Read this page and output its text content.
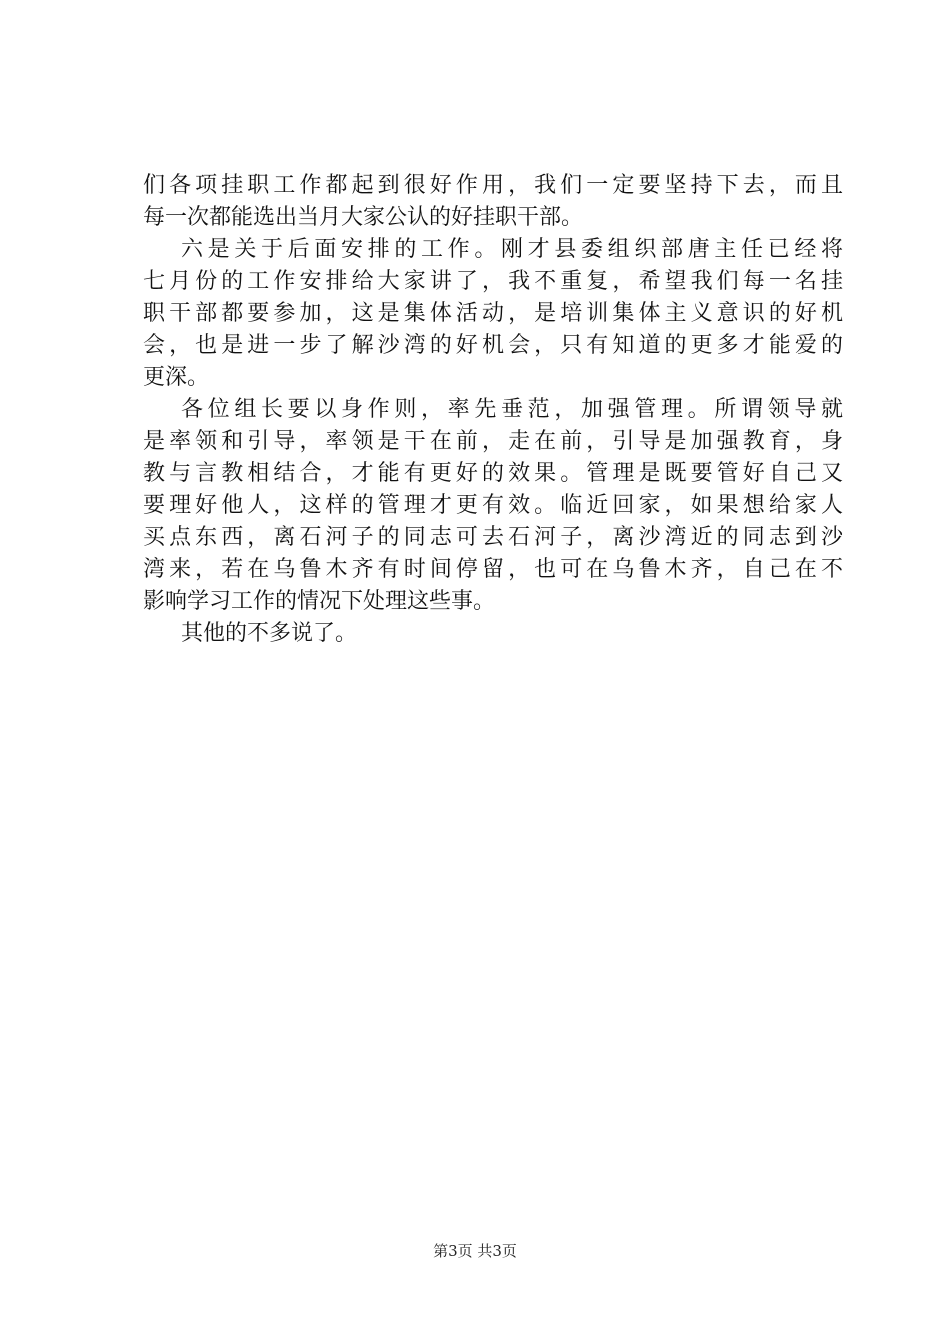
们各项挂职工作都起到很好作用，我们一定要坚持下去，而且
每一次都能选出当月大家公认的好挂职干部。
六是关于后面安排的工作。刚才县委组织部唐主任已经将
七月份的工作安排给大家讲了，我不重复，希望我们每一名挂
职干部都要参加，这是集体活动，是培训集体主义意识的好机
会，也是进一步了解沙湾的好机会，只有知道的更多才能爱的
更深。
各位组长要以身作则，率先垂范，加强管理。所谓领导就
是率领和引导，率领是干在前，走在前，引导是加强教育，身
教与言教相结合，才能有更好的效果。管理是既要管好自己又
要理好他人，这样的管理才更有效。临近回家，如果想给家人
买点东西，离石河子的同志可去石河子，离沙湾近的同志到沙
湾来，若在乌鲁木齐有时间停留，也可在乌鲁木齐，自己在不
影响学习工作的情况下处理这些事。
其他的不多说了。
第3页 共3页
